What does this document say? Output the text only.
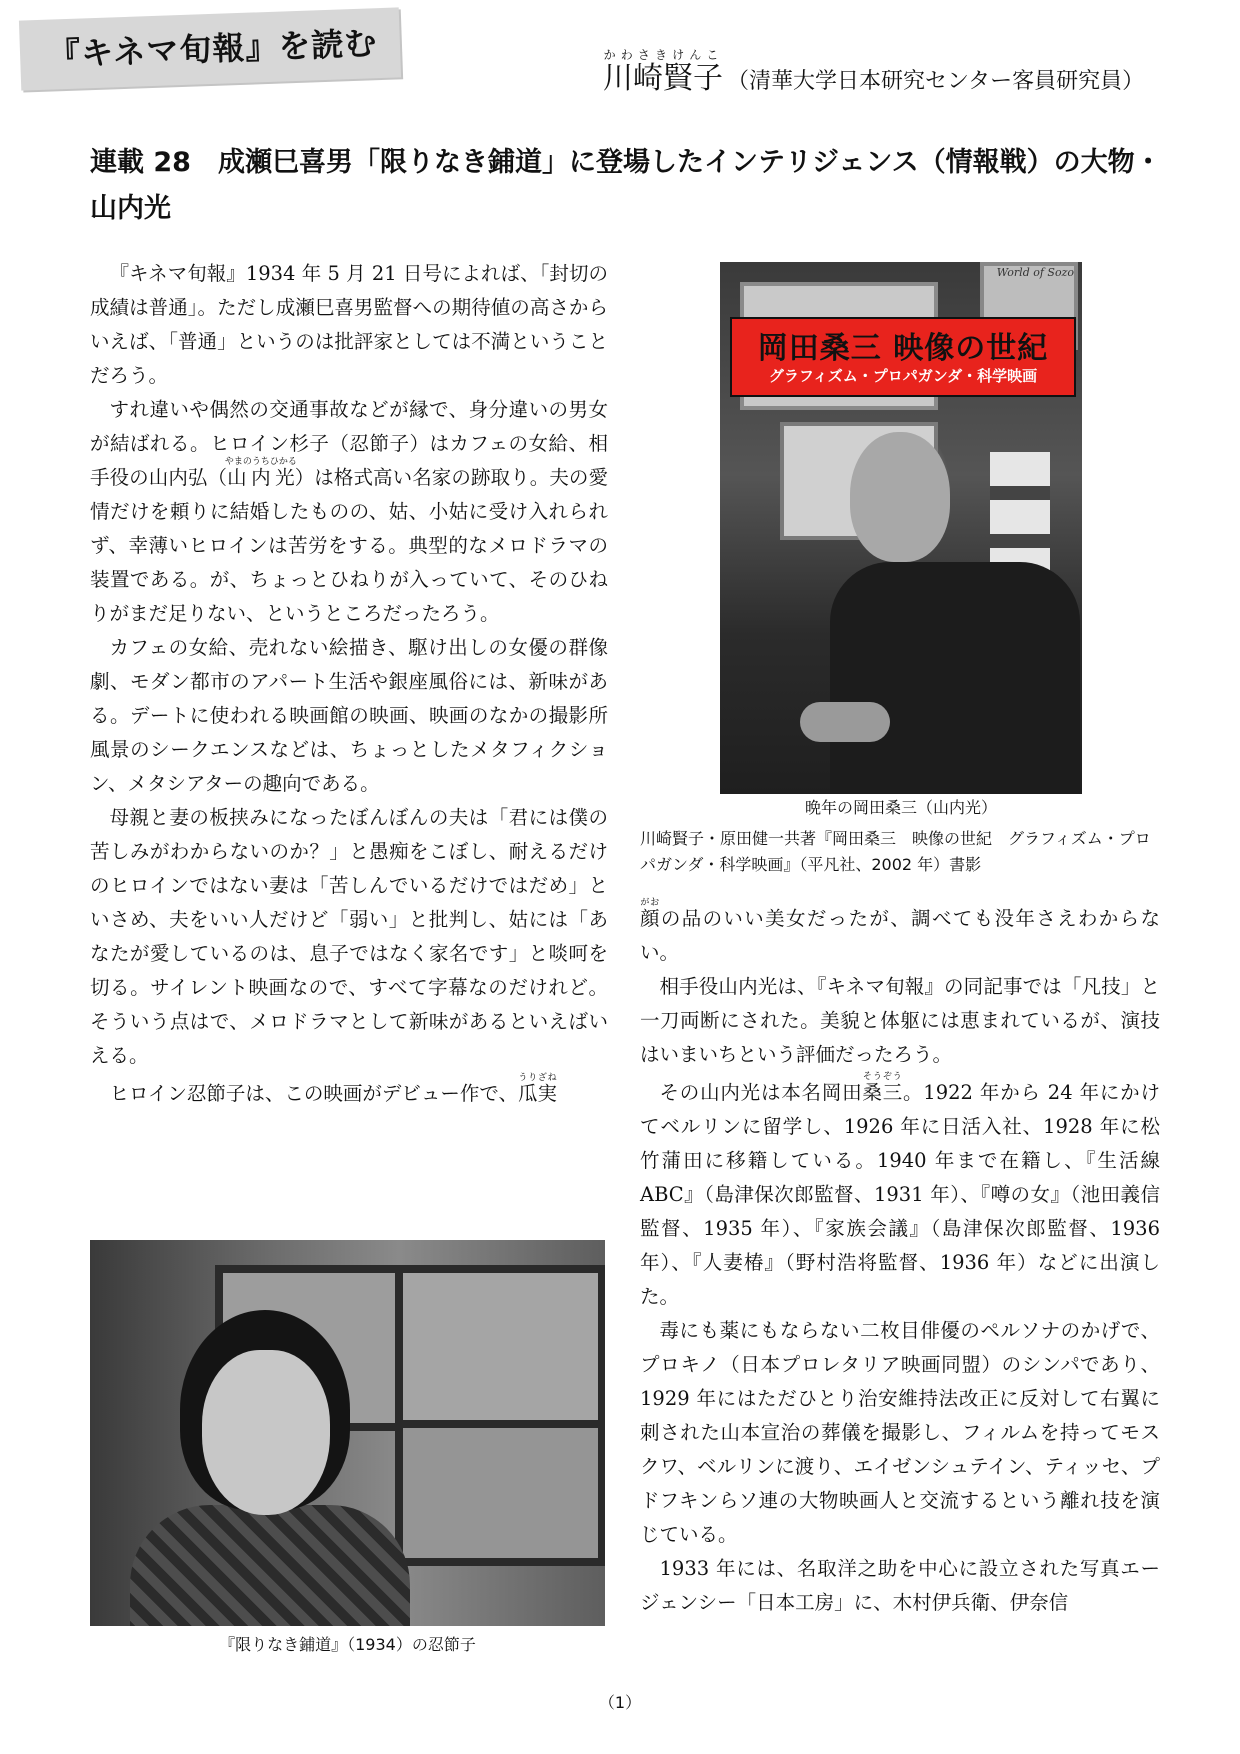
『キネマ旬報』を読む
川崎賢子かわさきけんこ（清華大学日本研究センター客員研究員）
連載 28　成瀬巳喜男「限りなき鋪道」に登場したインテリジェンス（情報戦）の大物・山内光

『キネマ旬報』1934 年 5 月 21 日号によれば、「封切の成績は普通」。ただし成瀬巳喜男監督への期待値の高さからいえば、「普通」というのは批評家としては不満ということだろう。

すれ違いや偶然の交通事故などが縁で、身分違いの男女が結ばれる。ヒロイン杉子（忍節子）はカフェの女給、相手役の山内弘（山内光やまのうちひかる）は格式高い名家の跡取り。夫の愛情だけを頼りに結婚したものの、姑、小姑に受け入れられず、幸薄いヒロインは苦労をする。典型的なメロドラマの装置である。が、ちょっとひねりが入っていて、そのひねりがまだ足りない、というところだったろう。

カフェの女給、売れない絵描き、駆け出しの女優の群像劇、モダン都市のアパート生活や銀座風俗には、新味がある。デートに使われる映画館の映画、映画のなかの撮影所風景のシークエンスなどは、ちょっとしたメタフィクション、メタシアターの趣向である。

母親と妻の板挟みになったぼんぼんの夫は「君には僕の苦しみがわからないのか？」と愚痴をこぼし、耐えるだけのヒロインではない妻は「苦しんでいるだけではだめ」といさめ、夫をいい人だけど「弱い」と批判し、姑には「あなたが愛しているのは、息子ではなく家名です」と啖呵を切る。サイレント映画なので、すべて字幕なのだけれど。そういう点はで、メロドラマとして新味があるといえばいえる。

ヒロイン忍節子は、この映画がデビュー作で、瓜実うりざね

World of Sozo
岡田桑三 映像の世紀
グラフィズム・プロパガンダ・科学映画
晩年の岡田桑三（山内光）
川崎賢子・原田健一共著『岡田桑三　映像の世紀　グラフィズム・プロパガンダ・科学映画』（平凡社、2002 年）書影

顔がおの品のいい美女だったが、調べても没年さえわからない。

相手役山内光は、『キネマ旬報』の同記事では「凡技」と一刀両断にされた。美貌と体躯には恵まれているが、演技はいまいちという評価だったろう。

その山内光は本名岡田桑三そうぞう。1922 年から 24 年にかけてベルリンに留学し、1926 年に日活入社、1928 年に松竹蒲田に移籍している。1940 年まで在籍し、『生活線 ABC』（島津保次郎監督、1931 年）、『噂の女』（池田義信監督、1935 年）、『家族会議』（島津保次郎監督、1936 年）、『人妻椿』（野村浩将監督、1936 年）などに出演した。

毒にも薬にもならない二枚目俳優のペルソナのかげで、プロキノ（日本プロレタリア映画同盟）のシンパであり、1929 年にはただひとり治安維持法改正に反対して右翼に刺された山本宣治の葬儀を撮影し、フィルムを持ってモスクワ、ベルリンに渡り、エイゼンシュテイン、ティッセ、プドフキンらソ連の大物映画人と交流するという離れ技を演じている。

1933 年には、名取洋之助を中心に設立された写真エージェンシー「日本工房」に、木村伊兵衛、伊奈信

『限りなき鋪道』（1934）の忍節子
（1）
